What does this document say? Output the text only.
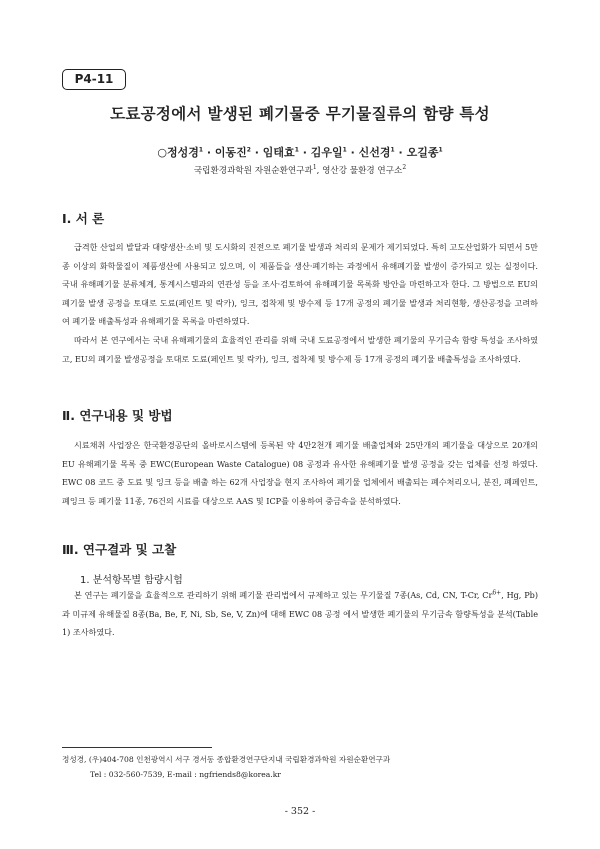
P4-11
도료공정에서 발생된 폐기물중 무기물질류의 함량 특성
○정성경$^1$ · 이동진$^2$ · 임태효$^1$ · 김우일$^1$ · 신선경$^1$ · 오길종$^1$
국립환경과학원 자원순환연구과$^1$, 영산강 물환경 연구소$^2$
Ⅰ. 서 론

급격한 산업의 발달과 대량생산·소비 및 도시화의 진전으로 폐기물 발생과 처리의 문제가 제기되었다. 특히 고도산업화가 되면서 5만종 이상의 화학물질이 제품생산에 사용되고 있으며, 이 제품들을 생산·폐기하는 과정에서 유해폐기물 발생이 증가되고 있는 실정이다. 국내 유해폐기물 분류체계, 통계시스템과의 연관성 등을 조사·검토하여 유해폐기물 목록화 방안을 마련하고자 한다. 그 방법으로 EU의 폐기물 발생 공정을 토대로 도료(페인트 및 락카), 잉크, 접착제 및 방수제 등 17개 공정의 폐기물 발생과 처리현황, 생산공정을 고려하여 폐기물 배출특성과 유해폐기물 목록을 마련하였다.

따라서 본 연구에서는 국내 유해폐기물의 효율적인 관리를 위해 국내 도료공정에서 발생한 폐기물의 무기금속 함량 특성을 조사하였고, EU의 폐기물 발생공정을 토대로 도료(페인트 및 락카), 잉크, 접착제 및 방수제 등 17개 공정의 폐기물 배출특성을 조사하였다.

Ⅱ. 연구내용 및 방법

시료채취 사업장은 한국환경공단의 올바로시스템에 등록된 약 4만2천개 폐기물 배출업체와 25만개의 폐기물을 대상으로 20개의 EU 유해폐기물 목록 중 EWC(European Waste Catalogue) 08 공정과 유사한 유해폐기물 발생 공정을 갖는 업체를 선정 하였다. EWC 08 코드 중 도료 및 잉크 등을 배출 하는 62개 사업장을 현지 조사하여 폐기물 업체에서 배출되는 폐수처리오니, 분진, 폐페인트, 폐잉크 등 폐기물 11종, 76건의 시료를 대상으로 AAS 및 ICP를 이용하여 중금속을 분석하였다.

Ⅲ. 연구결과 및 고찰
1. 분석항목별 함량시험

본 연구는 폐기물을 효율적으로 관리하기 위해 폐기물 관리법에서 규제하고 있는 무기물질 7종(As, Cd, CN, T-Cr, $Cr^{6+}$, Hg, Pb)과 미규제 유해물질 8종(Ba, Be, F, Ni, Sb, Se, V, Zn)에 대해 EWC 08 공정 에서 발생한 폐기물의 무기금속 함량특성을 분석(Table 1) 조사하였다.

정성경, (우)404-708 인천광역시 서구 경서동 종합환경연구단지내 국립환경과학원 자원순환연구과
Tel : 032-560-7539, E-mail : ngfriends8@korea.kr
- 352 -
